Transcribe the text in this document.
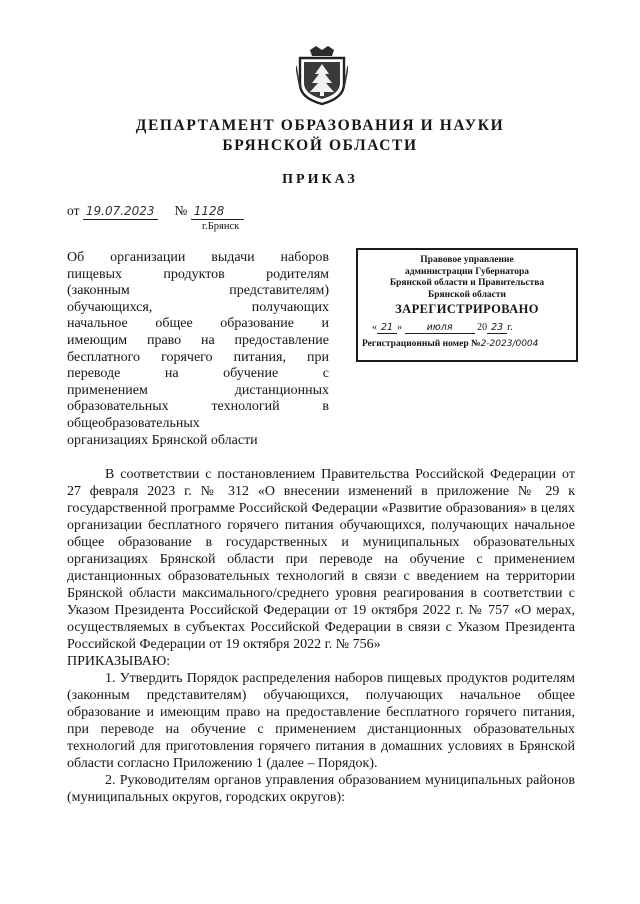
ДЕПАРТАМЕНТ ОБРАЗОВАНИЯ И НАУКИ
БРЯНСКОЙ ОБЛАСТИ
ПРИКАЗ
от 19.07.2023 № 1128
г.Брянск
Об организации выдачи наборов
пищевых продуктов родителям
(законным представителям)
обучающихся, получающих
начальное общее образование и
имеющим право на предоставление
бесплатного горячего питания, при
переводе на обучение с
применением дистанционных
образовательных технологий в
общеобразовательных
организациях Брянской области
Правовое управление
администрации Губернатора
Брянской области и Правительства
Брянской области
ЗАРЕГИСТРИРОВАНО
« 21 » июля 20 23 г.
Регистрационный номер №2-2023/0004

В соответствии с постановлением Правительства Российской Федерации от 27 февраля 2023 г. № 312 «О внесении изменений в приложение № 29 к государственной программе Российской Федерации «Развитие образования» в целях организации бесплатного горячего питания обучающихся, получающих начальное общее образование в государственных и муниципальных образовательных организациях Брянской области при переводе на обучение с применением дистанционных образовательных технологий в связи с введением на территории Брянской области максимального/среднего уровня реагирования в соответствии с Указом Президента Российской Федерации от 19 октября 2022 г. № 757 «О мерах, осуществляемых в субъектах Российской Федерации в связи с Указом Президента Российской Федерации от 19 октября 2022 г. № 756»

ПРИКАЗЫВАЮ:

1. Утвердить Порядок распределения наборов пищевых продуктов родителям (законным представителям) обучающихся, получающих начальное общее образование и имеющим право на предоставление бесплатного горячего питания, при переводе на обучение с применением дистанционных образовательных технологий для приготовления горячего питания в домашних условиях в Брянской области согласно Приложению 1 (далее – Порядок).

2. Руководителям органов управления образованием муниципальных районов (муниципальных округов, городских округов):
